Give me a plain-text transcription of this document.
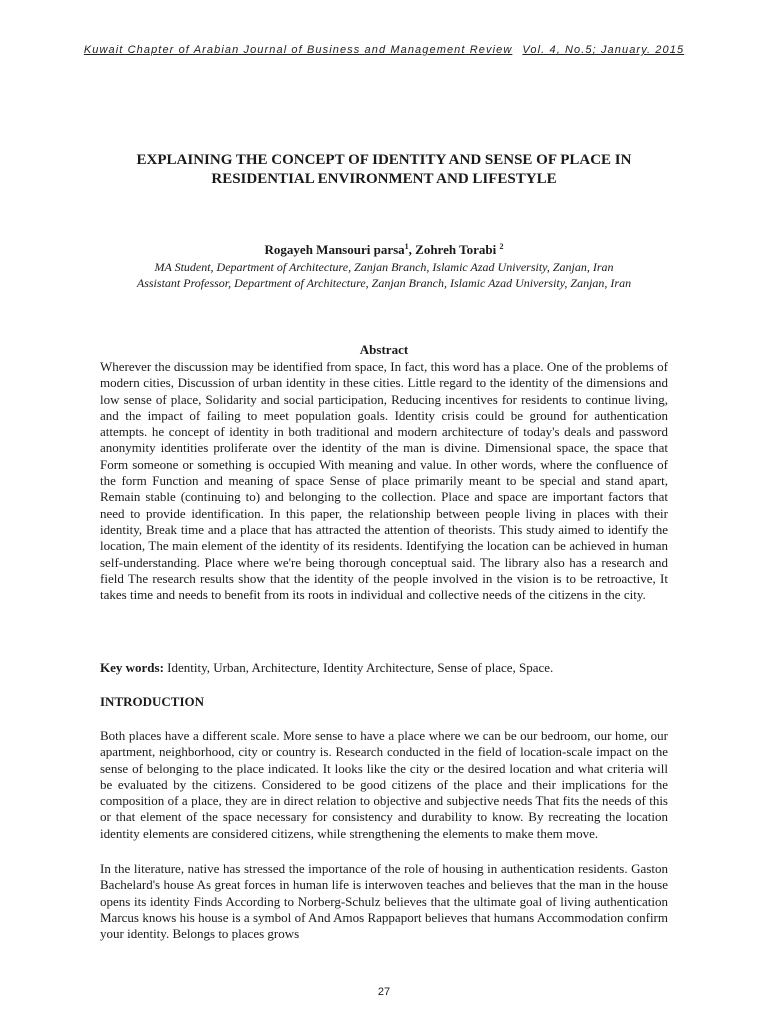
Kuwait Chapter of Arabian Journal of Business and Management Review Vol. 4, No.5; January. 2015
EXPLAINING THE CONCEPT OF IDENTITY AND SENSE OF PLACE IN
RESIDENTIAL ENVIRONMENT AND LIFESTYLE
Rogayeh Mansouri parsa$^1$, Zohreh Torabi $^2$
MA Student, Department of Architecture, Zanjan Branch, Islamic Azad University, Zanjan, Iran
Assistant Professor, Department of Architecture, Zanjan Branch, Islamic Azad University, Zanjan, Iran
Abstract

Wherever the discussion may be identified from space, In fact, this word has a place. One of the problems of modern cities, Discussion of urban identity in these cities. Little regard to the identity of the dimensions and low sense of place, Solidarity and social participation, Reducing incentives for residents to continue living, and the impact of failing to meet population goals. Identity crisis could be ground for authentication attempts. he concept of identity in both traditional and modern architecture of today's deals and password anonymity identities proliferate over the identity of the man is divine. Dimensional space, the space that Form someone or something is occupied With meaning and value. In other words, where the confluence of the form Function and meaning of space Sense of place primarily meant to be special and stand apart, Remain stable (continuing to) and belonging to the collection. Place and space are important factors that need to provide identification. In this paper, the relationship between people living in places with their identity, Break time and a place that has attracted the attention of theorists. This study aimed to identify the location, The main element of the identity of its residents. Identifying the location can be achieved in human self-understanding. Place where we're being thorough conceptual said. The library also has a research and field The research results show that the identity of the people involved in the vision is to be retroactive, It takes time and needs to benefit from its roots in individual and collective needs of the citizens in the city.

Key words: Identity, Urban, Architecture, Identity Architecture, Sense of place, Space.

INTRODUCTION

Both places have a different scale. More sense to have a place where we can be our bedroom, our home, our apartment, neighborhood, city or country is. Research conducted in the field of location-scale impact on the sense of belonging to the place indicated. It looks like the city or the desired location and what criteria will be evaluated by the citizens. Considered to be good citizens of the place and their implications for the composition of a place, they are in direct relation to objective and subjective needs That fits the needs of this or that element of the space necessary for consistency and durability to know. By recreating the location identity elements are considered citizens, while strengthening the elements to make them move.

In the literature, native has stressed the importance of the role of housing in authentication residents. Gaston Bachelard's house As great forces in human life is interwoven teaches and believes that the man in the house opens its identity Finds According to Norberg-Schulz believes that the ultimate goal of living authentication Marcus knows his house is a symbol of And Amos Rappaport believes that humans Accommodation confirm your identity. Belongs to places grows

27
